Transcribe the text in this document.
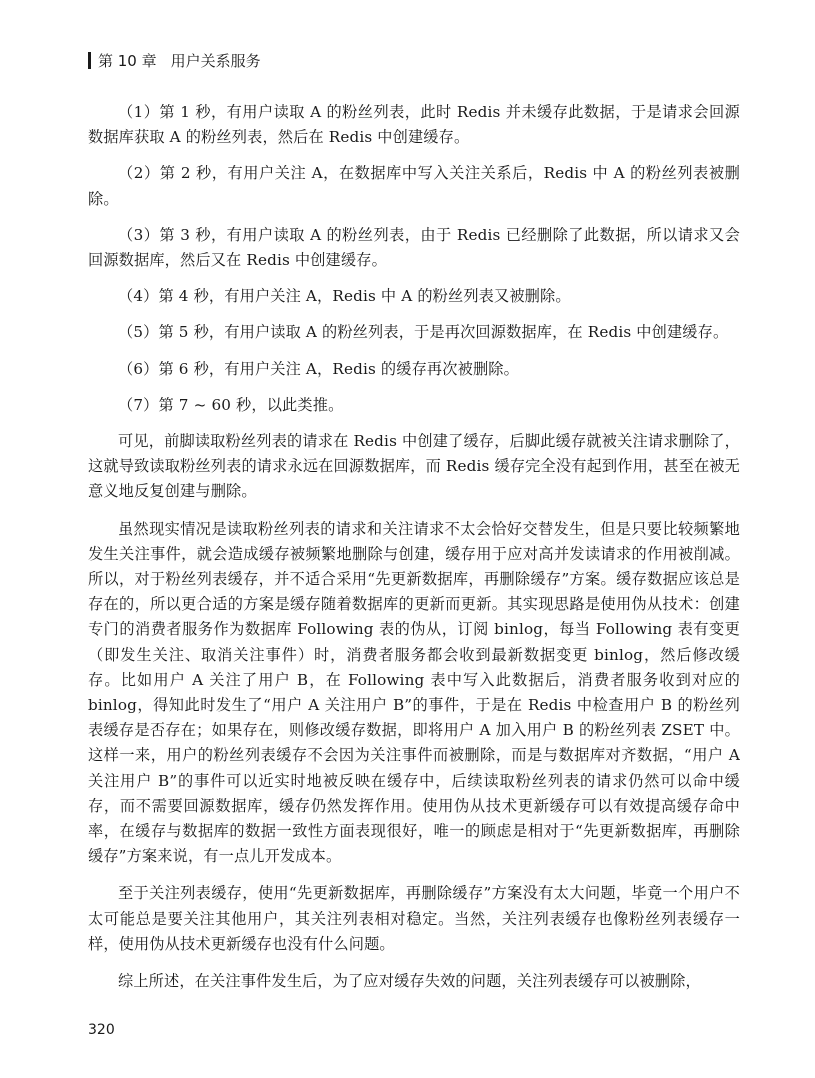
第 10 章 用户关系服务

（1）第 1 秒，有用户读取 A 的粉丝列表，此时 Redis 并未缓存此数据，于是请求会回源数据库获取 A 的粉丝列表，然后在 Redis 中创建缓存。

（2）第 2 秒，有用户关注 A，在数据库中写入关注关系后，Redis 中 A 的粉丝列表被删除。

（3）第 3 秒，有用户读取 A 的粉丝列表，由于 Redis 已经删除了此数据，所以请求又会回源数据库，然后又在 Redis 中创建缓存。

（4）第 4 秒，有用户关注 A，Redis 中 A 的粉丝列表又被删除。

（5）第 5 秒，有用户读取 A 的粉丝列表，于是再次回源数据库，在 Redis 中创建缓存。

（6）第 6 秒，有用户关注 A，Redis 的缓存再次被删除。

（7）第 7 ~ 60 秒，以此类推。

可见，前脚读取粉丝列表的请求在 Redis 中创建了缓存，后脚此缓存就被关注请求删除了，这就导致读取粉丝列表的请求永远在回源数据库，而 Redis 缓存完全没有起到作用，甚至在被无意义地反复创建与删除。

虽然现实情况是读取粉丝列表的请求和关注请求不太会恰好交替发生，但是只要比较频繁地发生关注事件，就会造成缓存被频繁地删除与创建，缓存用于应对高并发读请求的作用被削减。所以，对于粉丝列表缓存，并不适合采用“先更新数据库，再删除缓存”方案。缓存数据应该总是存在的，所以更合适的方案是缓存随着数据库的更新而更新。其实现思路是使用伪从技术：创建专门的消费者服务作为数据库 Following 表的伪从，订阅 binlog，每当 Following 表有变更（即发生关注、取消关注事件）时，消费者服务都会收到最新数据变更 binlog，然后修改缓存。比如用户 A 关注了用户 B，在 Following 表中写入此数据后，消费者服务收到对应的 binlog，得知此时发生了“用户 A 关注用户 B”的事件，于是在 Redis 中检查用户 B 的粉丝列表缓存是否存在；如果存在，则修改缓存数据，即将用户 A 加入用户 B 的粉丝列表 ZSET 中。这样一来，用户的粉丝列表缓存不会因为关注事件而被删除，而是与数据库对齐数据，“用户 A 关注用户 B”的事件可以近实时地被反映在缓存中，后续读取粉丝列表的请求仍然可以命中缓存，而不需要回源数据库，缓存仍然发挥作用。使用伪从技术更新缓存可以有效提高缓存命中率，在缓存与数据库的数据一致性方面表现很好，唯一的顾虑是相对于“先更新数据库，再删除缓存”方案来说，有一点儿开发成本。

至于关注列表缓存，使用“先更新数据库，再删除缓存”方案没有太大问题，毕竟一个用户不太可能总是要关注其他用户，其关注列表相对稳定。当然，关注列表缓存也像粉丝列表缓存一样，使用伪从技术更新缓存也没有什么问题。

综上所述，在关注事件发生后，为了应对缓存失效的问题，关注列表缓存可以被删除，

320
